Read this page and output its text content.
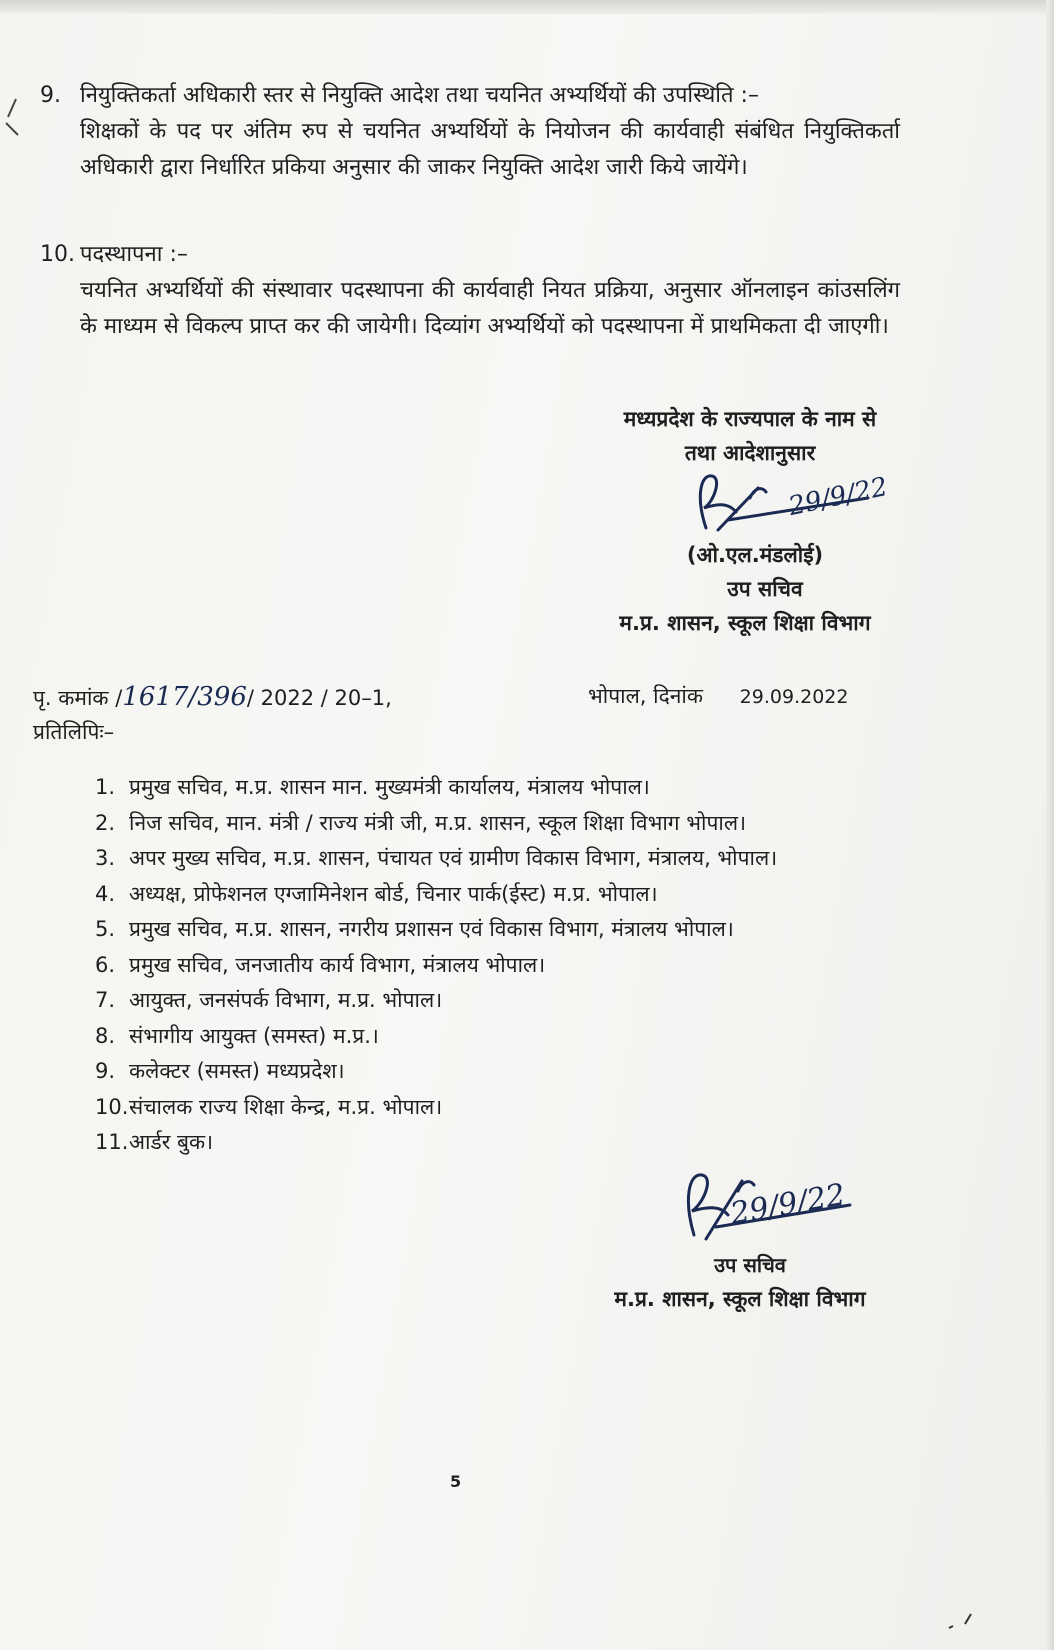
9. नियुक्तिकर्ता अधिकारी स्तर से नियुक्ति आदेश तथा चयनित अभ्यर्थियों की उपस्थिति :–
शिक्षकों के पद पर अंतिम रुप से चयनित अभ्यर्थियों के नियोजन की कार्यवाही संबंधित नियुक्तिकर्ता अधिकारी द्वारा निर्धारित प्रकिया अनुसार की जाकर नियुक्ति आदेश जारी किये जायेंगे।
10. पदस्थापना :–
चयनित अभ्यर्थियों की संस्थावार पदस्थापना की कार्यवाही नियत प्रक्रिया, अनुसार ऑनलाइन कांउसलिंग के माध्यम से विकल्प प्राप्त कर की जायेगी। दिव्यांग अभ्यर्थियों को पदस्थापना में प्राथमिकता दी जाएगी।
मध्यप्रदेश के राज्यपाल के नाम से
तथा आदेशानुसार
29/9/22
(ओ.एल.मंडलोई)
उप सचिव
म.प्र. शासन, स्कूल शिक्षा विभाग
पृ. कमांक /1617/396/ 2022 / 20–1,	भोपाल, दिनांक 29.09.2022
प्रतिलिपिः–
1. प्रमुख सचिव, म.प्र. शासन मान. मुख्यमंत्री कार्यालय, मंत्रालय भोपाल।
2. निज सचिव, मान. मंत्री / राज्य मंत्री जी, म.प्र. शासन, स्कूल शिक्षा विभाग भोपाल।
3. अपर मुख्य सचिव, म.प्र. शासन, पंचायत एवं ग्रामीण विकास विभाग, मंत्रालय, भोपाल।
4. अध्यक्ष, प्रोफेशनल एग्जामिनेशन बोर्ड, चिनार पार्क(ईस्ट) म.प्र. भोपाल।
5. प्रमुख सचिव, म.प्र. शासन, नगरीय प्रशासन एवं विकास विभाग, मंत्रालय भोपाल।
6. प्रमुख सचिव, जनजातीय कार्य विभाग, मंत्रालय भोपाल।
7. आयुक्त, जनसंपर्क विभाग, म.प्र. भोपाल।
8. संभागीय आयुक्त (समस्त) म.प्र.।
9. कलेक्टर (समस्त) मध्यप्रदेश।
10.संचालक राज्य शिक्षा केन्द्र, म.प्र. भोपाल।
11.आर्डर बुक।
29/9/22
उप सचिव
म.प्र. शासन, स्कूल शिक्षा विभाग
5
